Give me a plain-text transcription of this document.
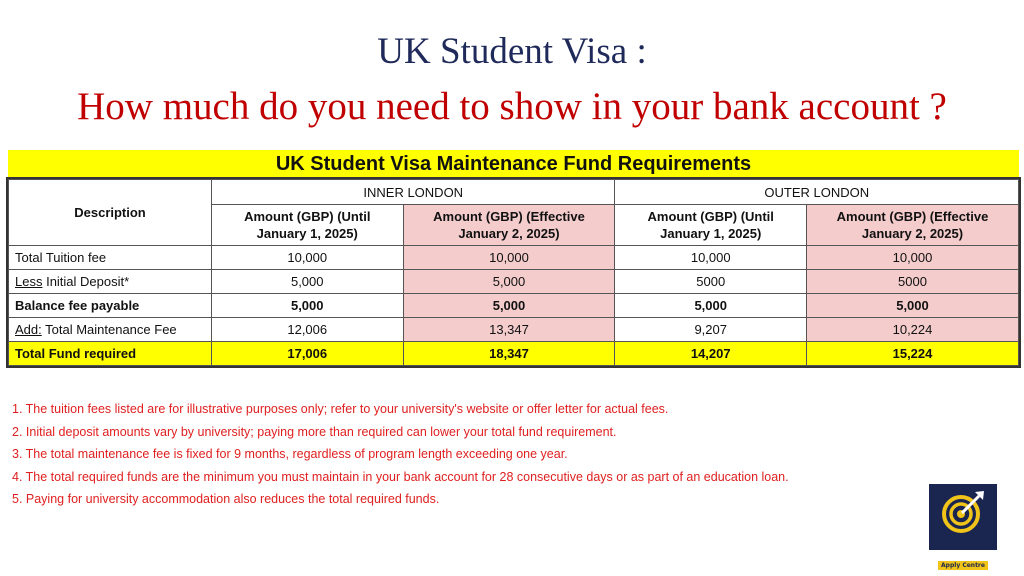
UK Student Visa :
How much do you need to show in your bank account ?
UK Student Visa Maintenance Fund Requirements
Description	INNER LONDON		OUTER LONDON	
	Amount (GBP) (Until January 1, 2025)	Amount (GBP) (Effective January 2, 2025)	Amount (GBP) (Until January 1, 2025)	Amount (GBP) (Effective January 2, 2025)
Total Tuition fee	10,000	10,000	10,000	10,000
Less Initial Deposit*	5,000	5,000	5000	5000
Balance fee payable	5,000	5,000	5,000	5,000
Add: Total Maintenance Fee	12,006	13,347	9,207	10,224
Total Fund required	17,006	18,347	14,207	15,224
1. The tuition fees listed are for illustrative purposes only; refer to your university's website or offer letter for actual fees.
2. Initial deposit amounts vary by university; paying more than required can lower your total fund requirement.
3. The total maintenance fee is fixed for 9 months, regardless of program length exceeding one year.
4. The total required funds are the minimum you must maintain in your bank account for 28 consecutive days or as part of an education loan.
5. Paying for university accommodation also reduces the total required funds.
Apply Centre
